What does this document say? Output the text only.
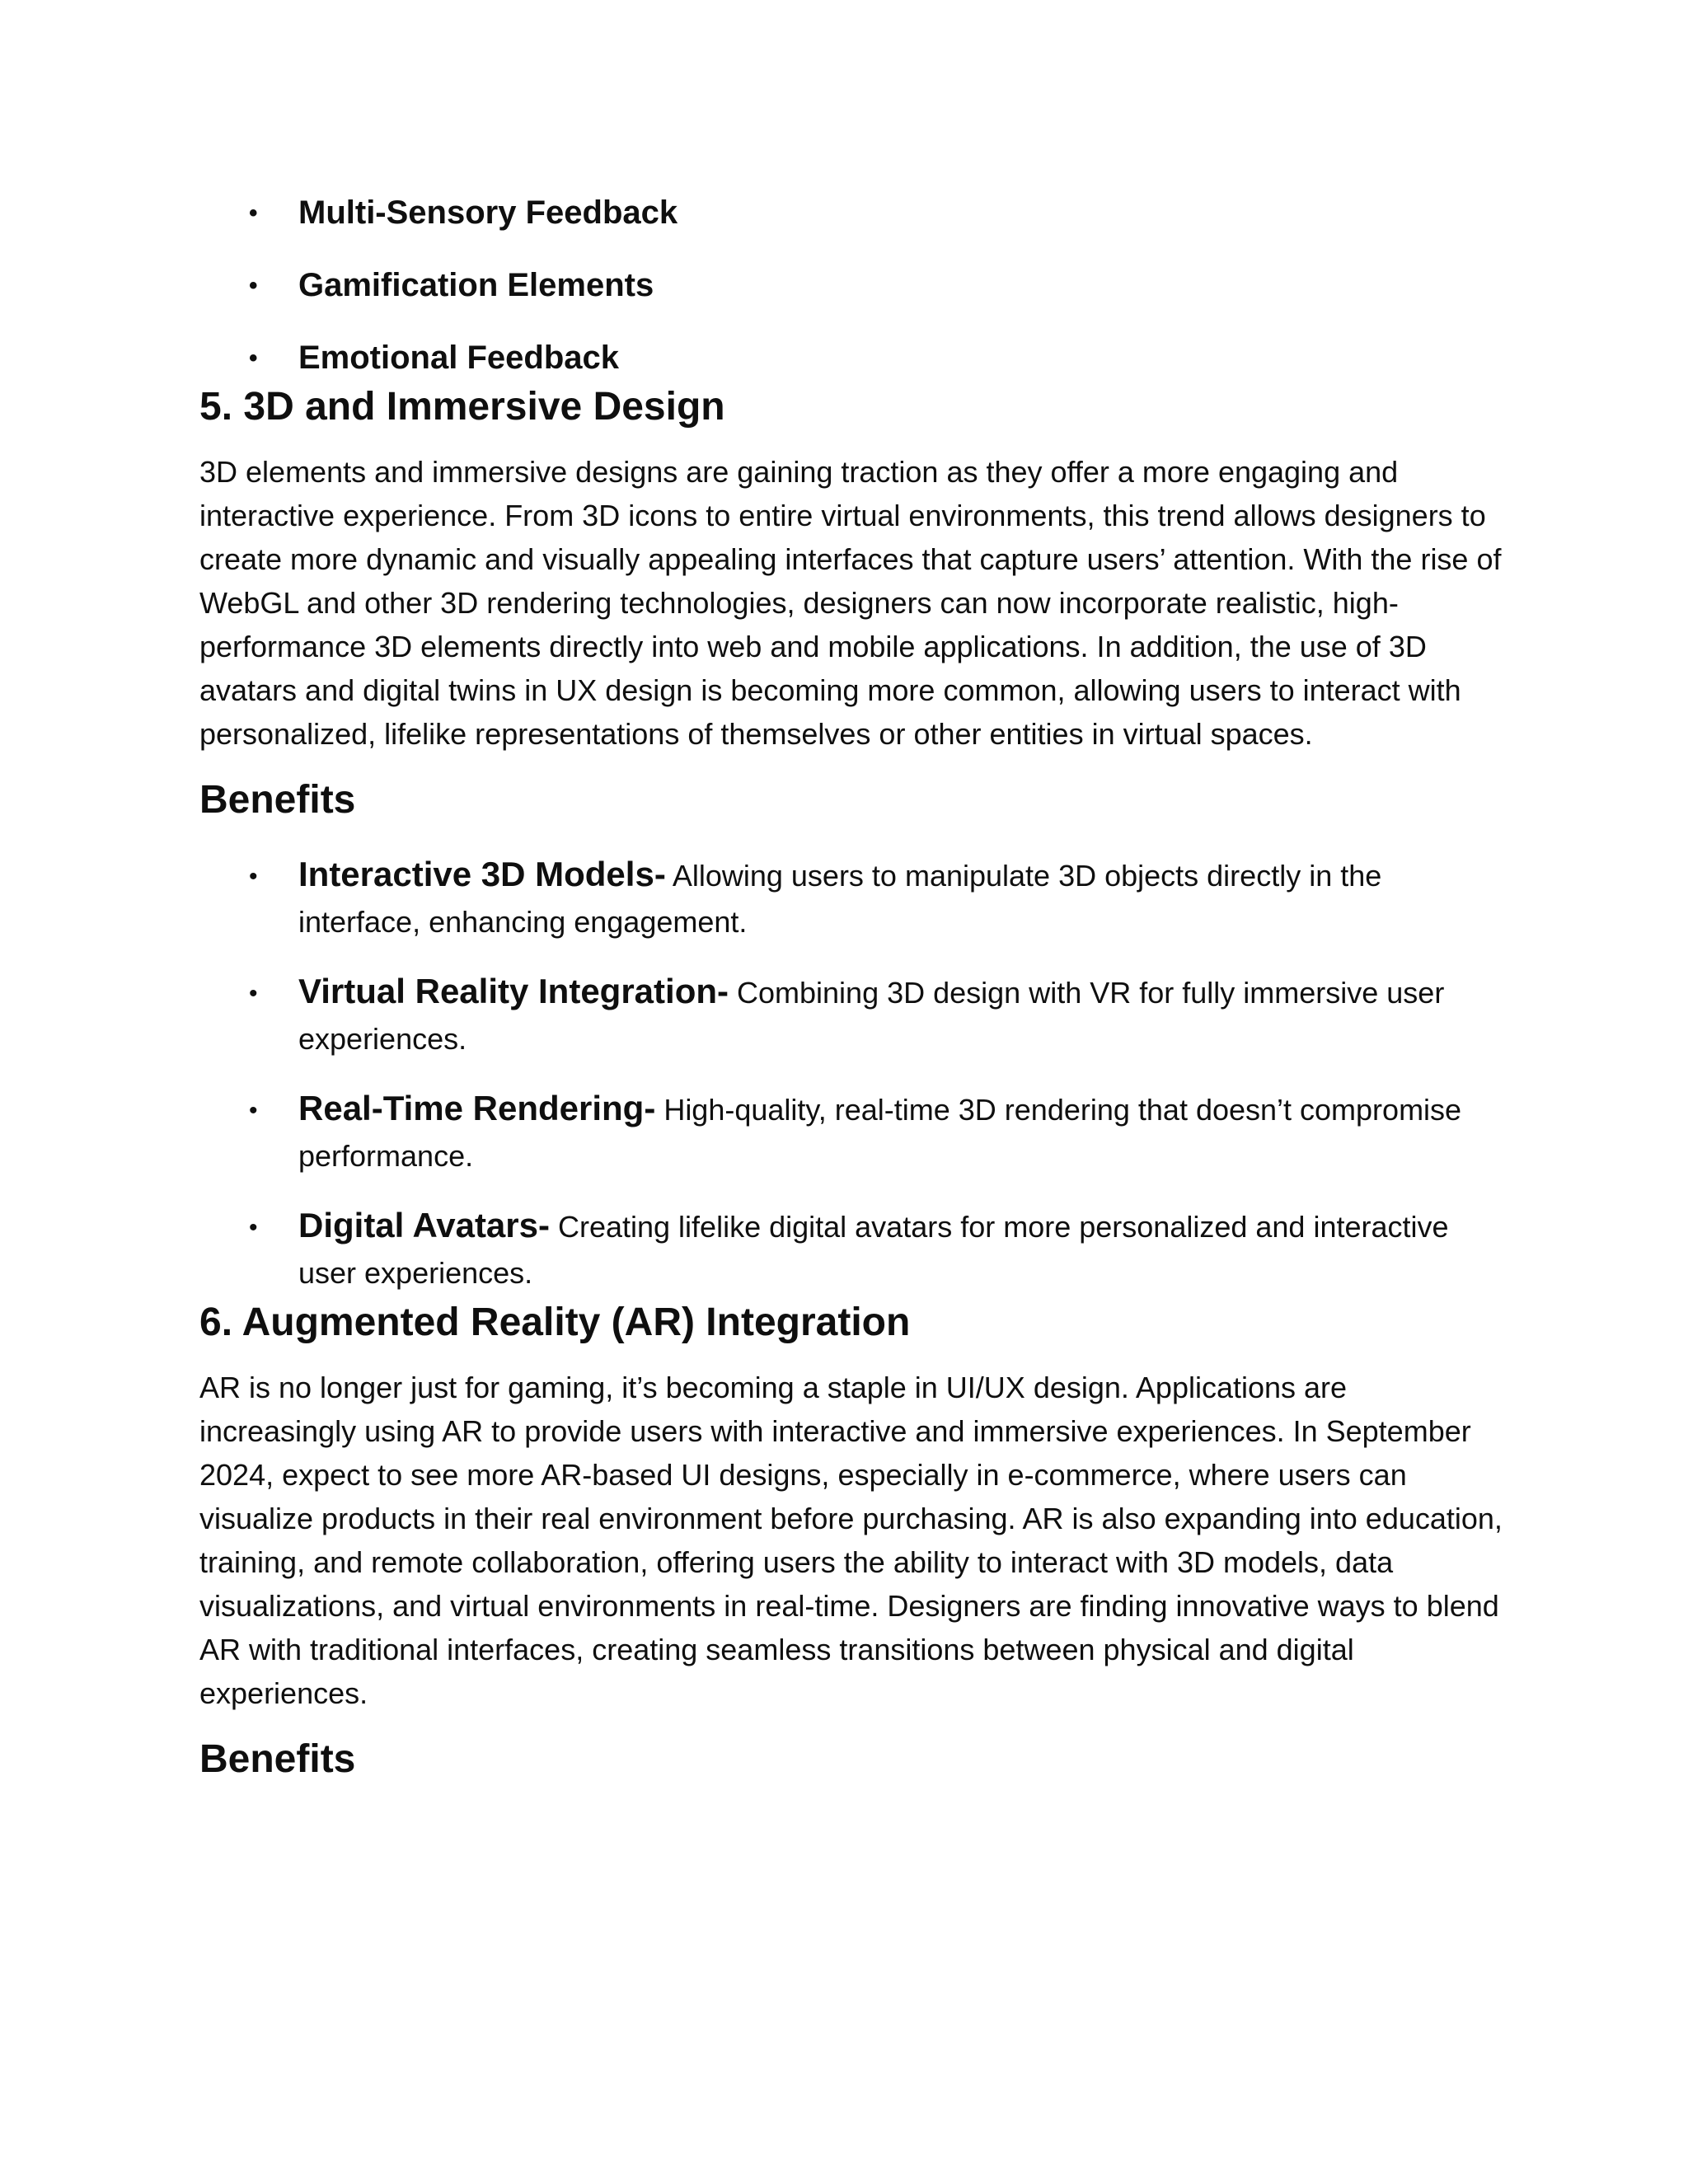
• Multi-Sensory Feedback
• Gamification Elements
• Emotional Feedback
5. 3D and Immersive Design

3D elements and immersive designs are gaining traction as they offer a more engaging and interactive experience. From 3D icons to entire virtual environments, this trend allows designers to create more dynamic and visually appealing interfaces that capture users’ attention. With the rise of WebGL and other 3D rendering technologies, designers can now incorporate realistic, high-performance 3D elements directly into web and mobile applications. In addition, the use of 3D avatars and digital twins in UX design is becoming more common, allowing users to interact with personalized, lifelike representations of themselves or other entities in virtual spaces.

Benefits
• Interactive 3D Models- Allowing users to manipulate 3D objects directly in the interface, enhancing engagement.
• Virtual Reality Integration- Combining 3D design with VR for fully immersive user experiences.
• Real-Time Rendering- High-quality, real-time 3D rendering that doesn’t compromise performance.
• Digital Avatars- Creating lifelike digital avatars for more personalized and interactive user experiences.
6. Augmented Reality (AR) Integration

AR is no longer just for gaming, it’s becoming a staple in UI/UX design. Applications are increasingly using AR to provide users with interactive and immersive experiences. In September 2024, expect to see more AR-based UI designs, especially in e-commerce, where users can visualize products in their real environment before purchasing. AR is also expanding into education, training, and remote collaboration, offering users the ability to interact with 3D models, data visualizations, and virtual environments in real-time. Designers are finding innovative ways to blend AR with traditional interfaces, creating seamless transitions between physical and digital experiences.

Benefits
